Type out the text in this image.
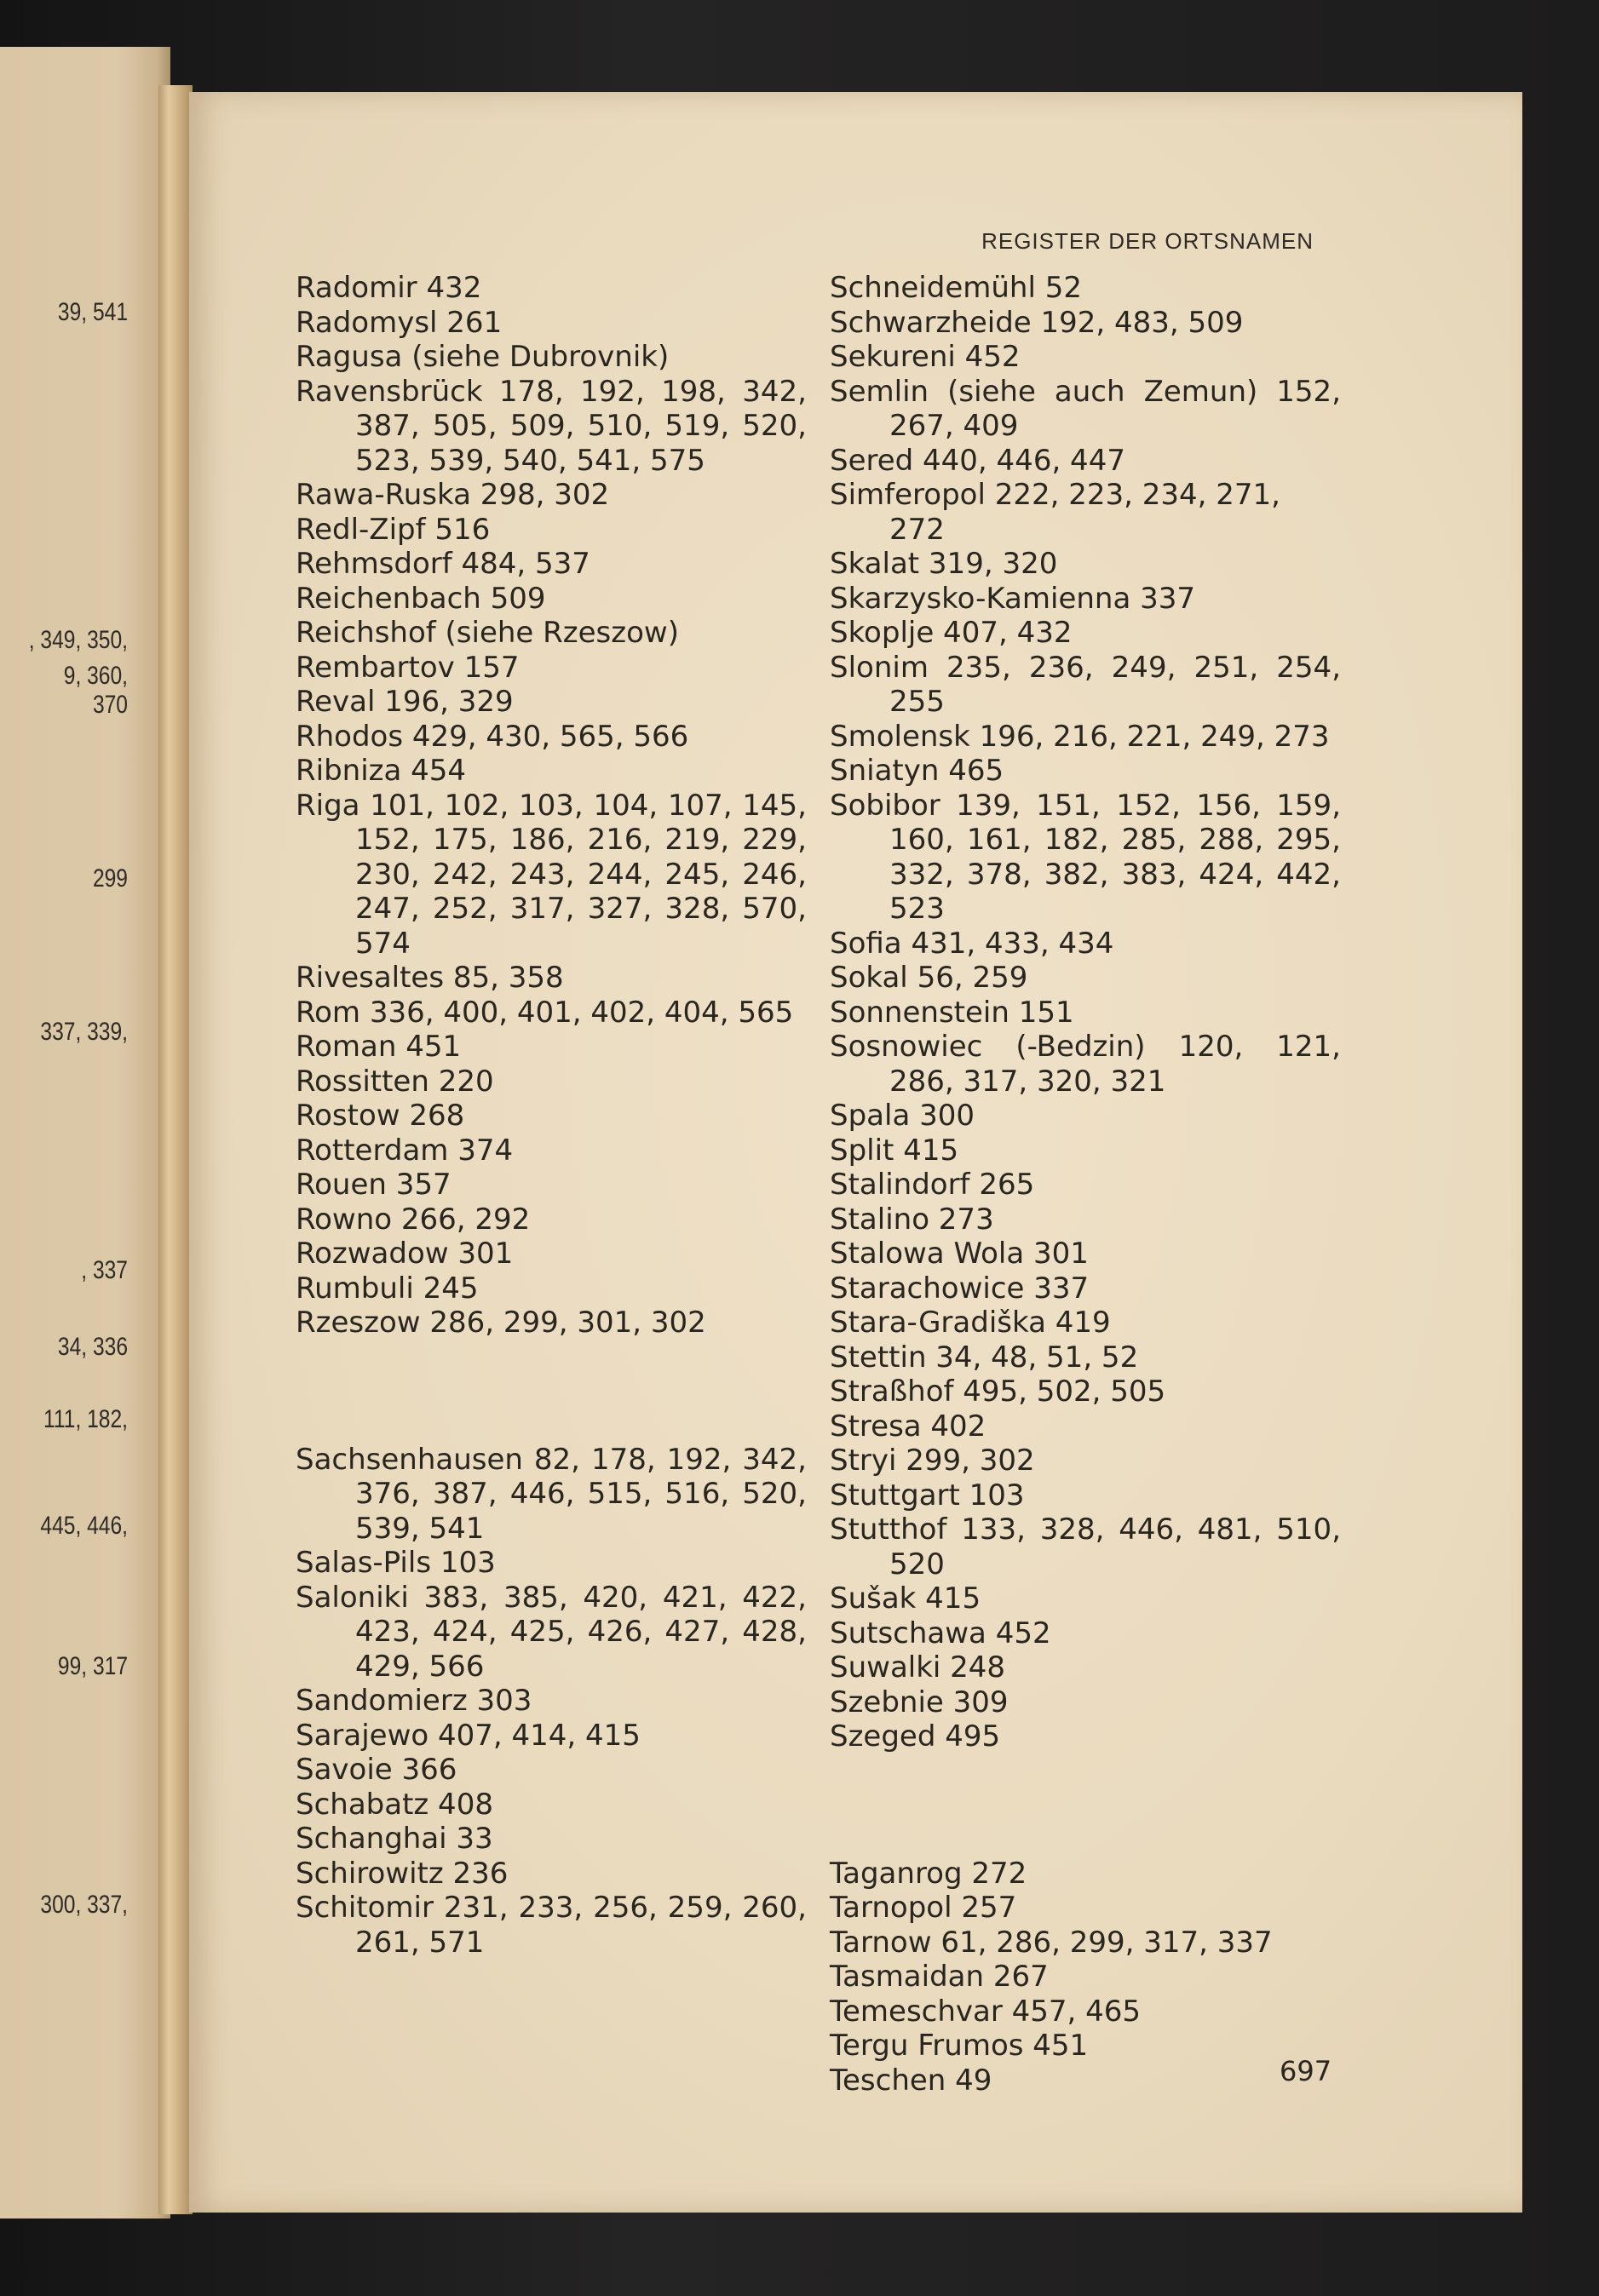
39, 541
, 349, 350,
9, 360, 370
299
337, 339,
, 337
34, 336
111, 182,
445, 446,
99, 317
300, 337,
REGISTER DER ORTSNAMEN

Radomir 432

Radomysl 261

Ragusa (siehe Dubrovnik)

Ravensbrück 178, 192, 198, 342, 387, 505, 509, 510, 519, 520, 523, 539, 540, 541, 575

Rawa-Ruska 298, 302

Redl-Zipf 516

Rehmsdorf 484, 537

Reichenbach 509

Reichshof (siehe Rzeszow)

Rembartov 157

Reval 196, 329

Rhodos 429, 430, 565, 566

Ribniza 454

Riga 101, 102, 103, 104, 107, 145, 152, 175, 186, 216, 219, 229, 230, 242, 243, 244, 245, 246, 247, 252, 317, 327, 328, 570, 574

Rivesaltes 85, 358

Rom 336, 400, 401, 402, 404, 565

Roman 451

Rossitten 220

Rostow 268

Rotterdam 374

Rouen 357

Rowno 266, 292

Rozwadow 301

Rumbuli 245

Rzeszow 286, 299, 301, 302

Sachsenhausen 82, 178, 192, 342, 376, 387, 446, 515, 516, 520, 539, 541

Salas-Pils 103

Saloniki 383, 385, 420, 421, 422, 423, 424, 425, 426, 427, 428, 429, 566

Sandomierz 303

Sarajewo 407, 414, 415

Savoie 366

Schabatz 408

Schanghai 33

Schirowitz 236

Schitomir 231, 233, 256, 259, 260, 261, 571

Schneidemühl 52

Schwarzheide 192, 483, 509

Sekureni 452

Semlin (siehe auch Zemun) 152, 267, 409

Sered 440, 446, 447

Simferopol 222, 223, 234, 271, 272

Skalat 319, 320

Skarzysko-Kamienna 337

Skoplje 407, 432

Slonim 235, 236, 249, 251, 254, 255

Smolensk 196, 216, 221, 249, 273

Sniatyn 465

Sobibor 139, 151, 152, 156, 159, 160, 161, 182, 285, 288, 295, 332, 378, 382, 383, 424, 442, 523

Sofia 431, 433, 434

Sokal 56, 259

Sonnenstein 151

Sosnowiec (-Bedzin) 120, 121, 286, 317, 320, 321

Spala 300

Split 415

Stalindorf 265

Stalino 273

Stalowa Wola 301

Starachowice 337

Stara-Gradiška 419

Stettin 34, 48, 51, 52

Straßhof 495, 502, 505

Stresa 402

Stryi 299, 302

Stuttgart 103

Stutthof 133, 328, 446, 481, 510, 520

Sušak 415

Sutschawa 452

Suwalki 248

Szebnie 309

Szeged 495

Taganrog 272

Tarnopol 257

Tarnow 61, 286, 299, 317, 337

Tasmaidan 267

Temeschvar 457, 465

Tergu Frumos 451

Teschen 49	697
